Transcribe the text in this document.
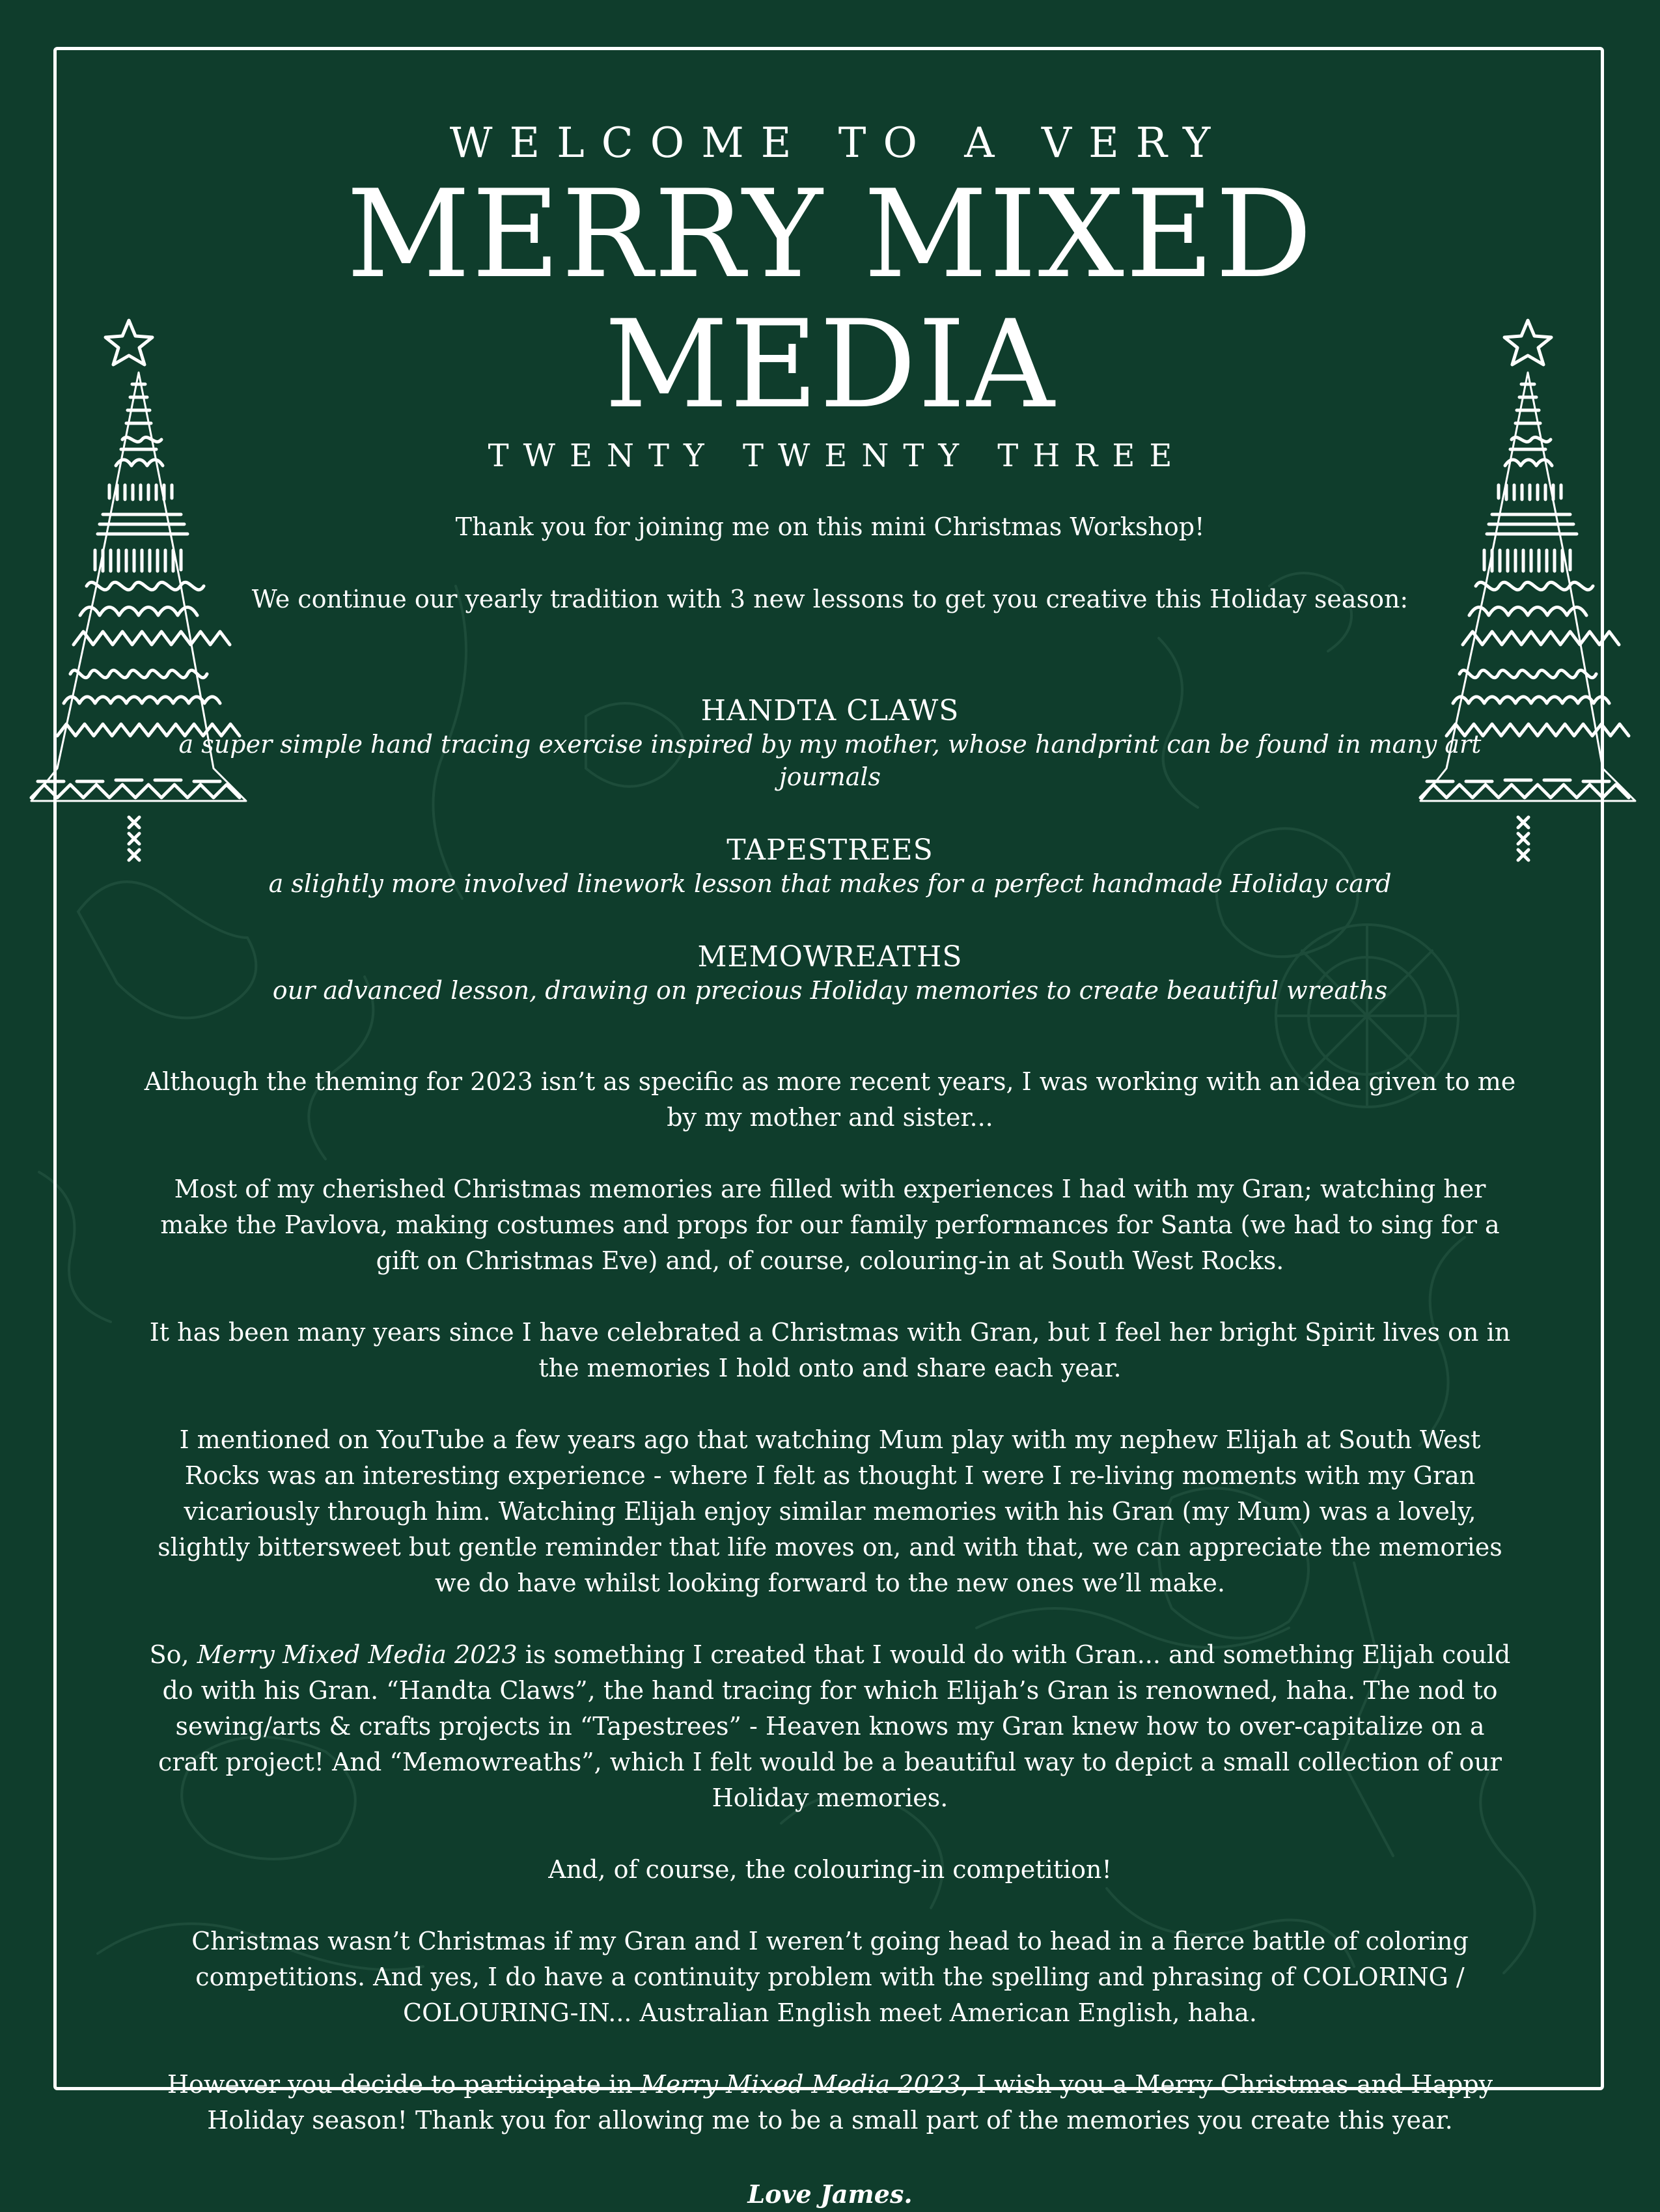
WELCOME TO A VERY
MERRY MIXED MEDIA
TWENTY TWENTY THREE

Thank you for joining me on this mini Christmas Workshop!

We continue our yearly tradition with 3 new lessons to get you creative this Holiday season:

HANDTA CLAWS

a super simple hand tracing exercise inspired by my mother, whose handprint can be found in many art journals

TAPESTREES

a slightly more involved linework lesson that makes for a perfect handmade Holiday card

MEMOWREATHS

our advanced lesson, drawing on precious Holiday memories to create beautiful wreaths

Although the theming for 2023 isn’t as specific as more recent years, I was working with an idea given to me by my mother and sister...

Most of my cherished Christmas memories are filled with experiences I had with my Gran; watching her make the Pavlova, making costumes and props for our family performances for Santa (we had to sing for a gift on Christmas Eve) and, of course, colouring-in at South West Rocks.

It has been many years since I have celebrated a Christmas with Gran, but I feel her bright Spirit lives on in the memories I hold onto and share each year.

I mentioned on YouTube a few years ago that watching Mum play with my nephew Elijah at South West Rocks was an interesting experience - where I felt as thought I were I re-living moments with my Gran vicariously through him. Watching Elijah enjoy similar memories with his Gran (my Mum) was a lovely, slightly bittersweet but gentle reminder that life moves on, and with that, we can appreciate the memories we do have whilst looking forward to the new ones we’ll make.

So, Merry Mixed Media 2023 is something I created that I would do with Gran... and something Elijah could do with his Gran. “Handta Claws”, the hand tracing for which Elijah’s Gran is renowned, haha. The nod to sewing/arts & crafts projects in “Tapestrees” - Heaven knows my Gran knew how to over-capitalize on a craft project! And “Memowreaths”, which I felt would be a beautiful way to depict a small collection of our Holiday memories.

And, of course, the colouring-in competition!

Christmas wasn’t Christmas if my Gran and I weren’t going head to head in a fierce battle of coloring competitions. And yes, I do have a continuity problem with the spelling and phrasing of COLORING / COLOURING-IN... Australian English meet American English, haha.

However you decide to participate in Merry Mixed Media 2023, I wish you a Merry Christmas and Happy Holiday season! Thank you for allowing me to be a small part of the memories you create this year.

Love James.
